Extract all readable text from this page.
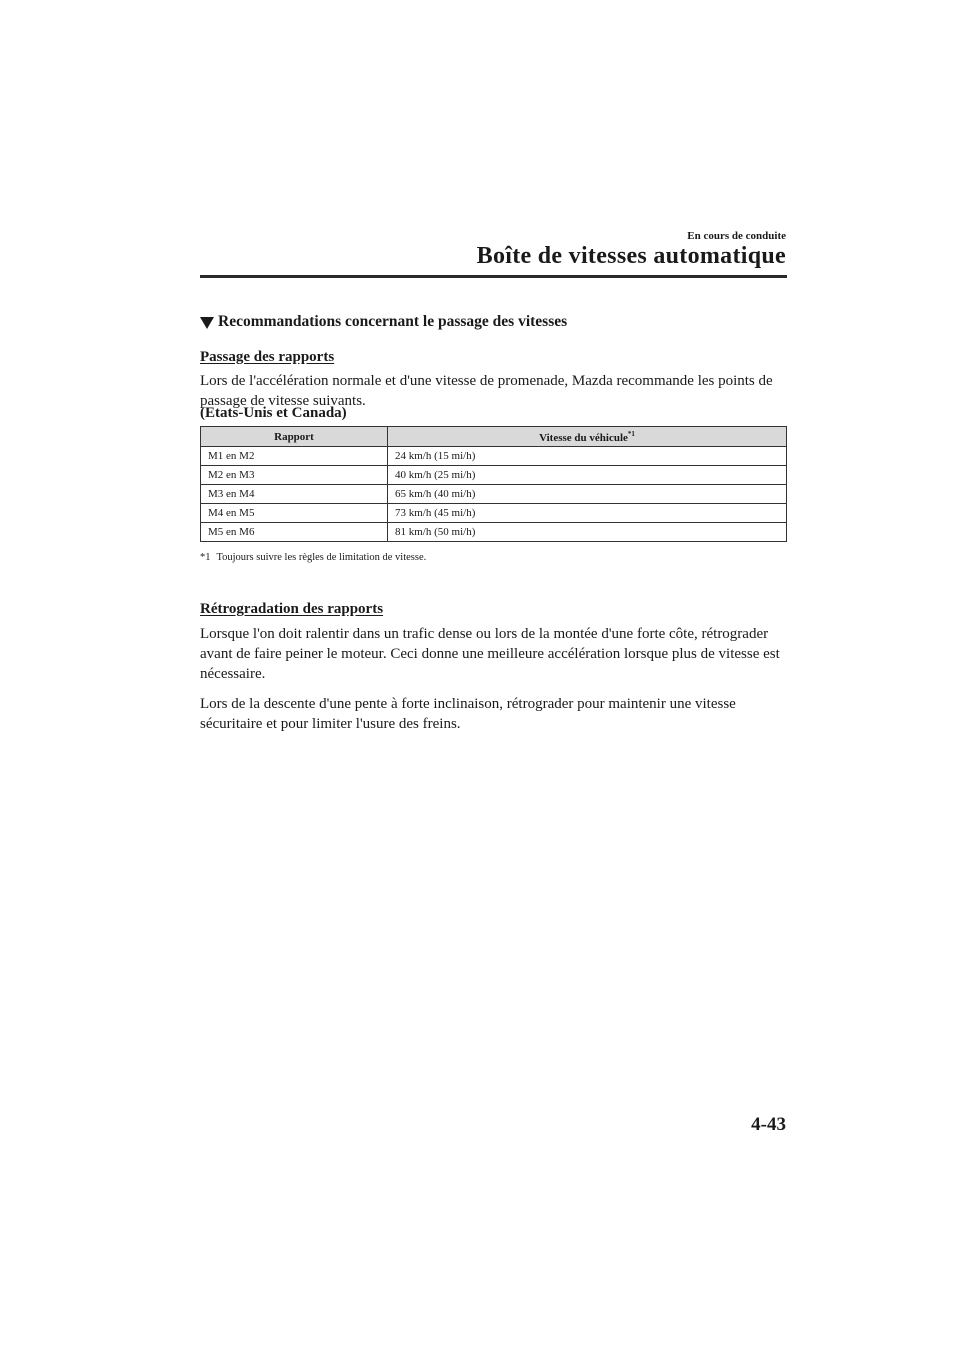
En cours de conduite
Boîte de vitesses automatique
Recommandations concernant le passage des vitesses
Passage des rapports
Lors de l'accélération normale et d'une vitesse de promenade, Mazda recommande les points de passage de vitesse suivants.
(Etats-Unis et Canada)
Rapport	Vitesse du véhicule$^{*1}$
M1 en M2	24 km/h (15 mi/h)
M2 en M3	40 km/h (25 mi/h)
M3 en M4	65 km/h (40 mi/h)
M4 en M5	73 km/h (45 mi/h)
M5 en M6	81 km/h (50 mi/h)
*1 Toujours suivre les règles de limitation de vitesse.
Rétrogradation des rapports
Lorsque l'on doit ralentir dans un trafic dense ou lors de la montée d'une forte côte, rétrograder avant de faire peiner le moteur. Ceci donne une meilleure accélération lorsque plus de vitesse est nécessaire.
Lors de la descente d'une pente à forte inclinaison, rétrograder pour maintenir une vitesse sécuritaire et pour limiter l'usure des freins.
4-43
